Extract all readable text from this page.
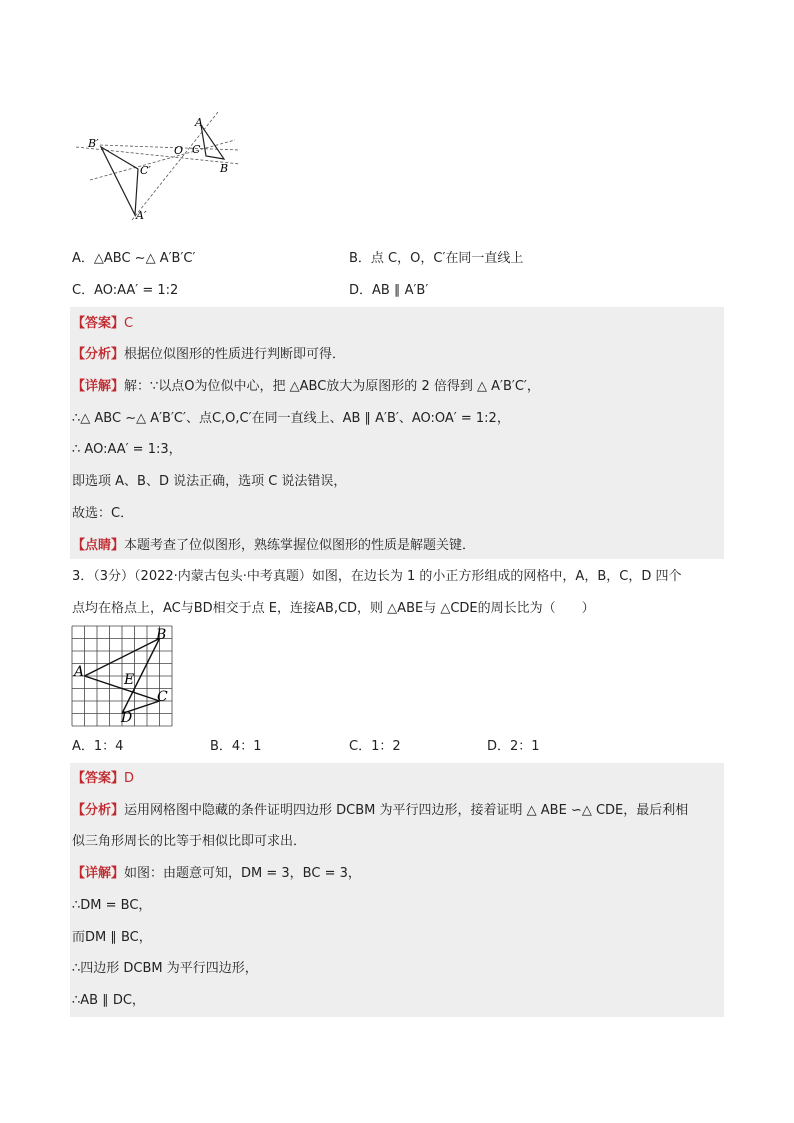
B′
A
O C
C′	B
A′
A．△ABC ∼△ A′B′C′	B．点 C，O，C′在同一直线上
C．AO:AA′ = 1:2	D．AB ∥ A′B′
【答案】C
【分析】根据位似图形的性质进行判断即可得．
【详解】解：∵以点O为位似中心，把 △ABC放大为原图形的 2 倍得到 △ A′B′C′，
∴△ ABC ∼△ A′B′C′、点C,O,C′在同一直线上、AB ∥ A′B′、AO:OA′ = 1:2，
∴ AO:AA′ = 1:3，
即选项 A、B、D 说法正确，选项 C 说法错误，
故选：C．
【点睛】本题考查了位似图形，熟练掌握位似图形的性质是解题关键．
3．（3分）（2022·内蒙古包头·中考真题）如图，在边长为 1 的小正方形组成的网格中，A，B，C，D 四个
点均在格点上，AC与BD相交于点 E，连接AB,CD，则 △ABE与 △CDE的周长比为（　　）
A
B
E
C
D
A．1：4	B．4：1	C．1：2	D．2：1
【答案】D
【分析】运用网格图中隐藏的条件证明四边形 DCBM 为平行四边形，接着证明 △ ABE ∽△ CDE，最后利相
似三角形周长的比等于相似比即可求出．
【详解】如图：由题意可知，DM = 3，BC = 3，
∴DM = BC，
而DM ∥ BC，
∴四边形 DCBM 为平行四边形，
∴AB ∥ DC，
